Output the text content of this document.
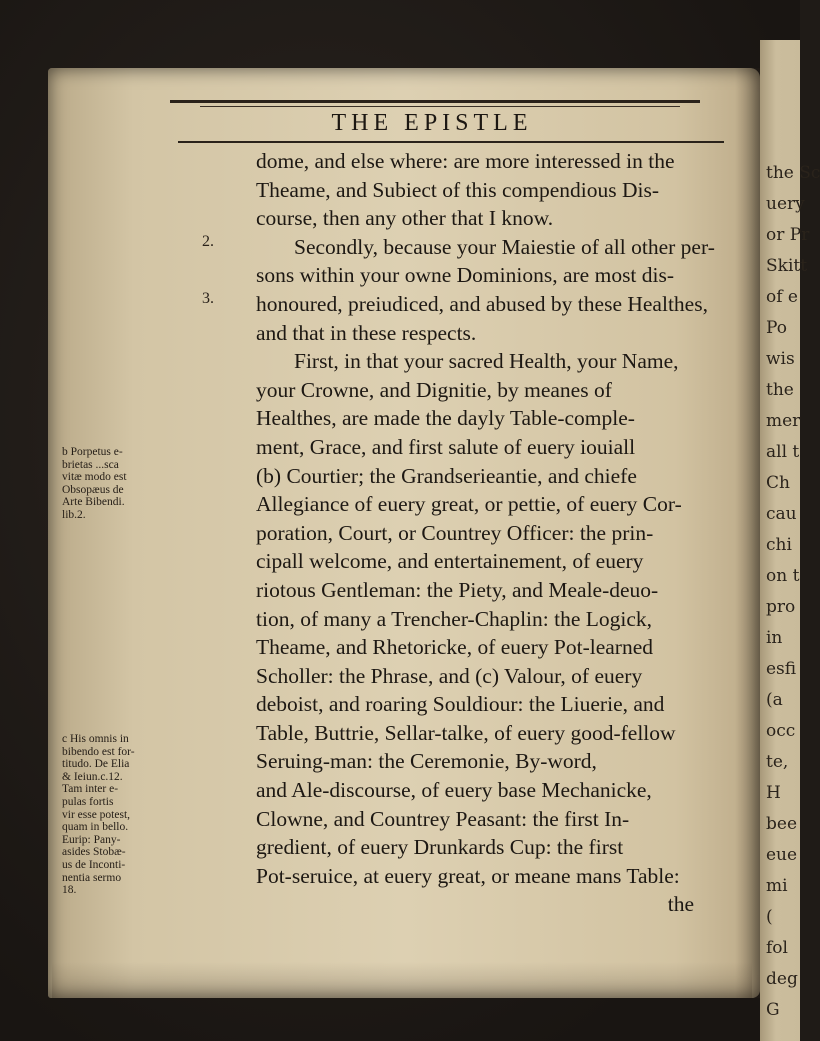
the Sc
uery
or Pr
Skitt
of e
Po
wis
the
mer
all t
Ch
cau
chi
on t
pro
in
esfi
(a
occ
te,
H
bee
eue
mi
(
fol
deg
G
THE EPISTLE
2.
3.
b Porpetus e-
brietas ...sca
vitæ modo est
Obsopæus de
Arte Bibendi.
lib.2.
c His omnis in
bibendo est for-
titudo. De Elia
& Ieiun.c.12.
Tam inter e-
pulas fortis
vir esse potest,
quam in bello.
Eurip: Pany-
asides Stobæ-
us de Inconti-
nentia sermo
18.
dome, and else where: are more interessed in the
Theame, and Subiect of this compendious Dis-
course, then any other that I know.
Secondly, because your Maiestie of all other per-
sons within your owne Dominions, are most dis-
honoured, preiudiced, and abused by these Healthes,
and that in these respects.
First, in that your sacred Health, your Name,
your Crowne, and Dignitie, by meanes of
Healthes, are made the dayly Table-comple-
ment, Grace, and first salute of euery iouiall
(b) Courtier; the Grandserieantie, and chiefe
Allegiance of euery great, or pettie, of euery Cor-
poration, Court, or Countrey Officer: the prin-
cipall welcome, and entertainement, of euery
riotous Gentleman: the Piety, and Meale-deuo-
tion, of many a Trencher-Chaplin: the Logick,
Theame, and Rhetoricke, of euery Pot-learned
Scholler: the Phrase, and (c) Valour, of euery
deboist, and roaring Souldiour: the Liuerie, and
Table, Buttrie, Sellar-talke, of euery good-fellow
Seruing-man: the Ceremonie, By-word,
and Ale-discourse, of euery base Mechanicke,
Clowne, and Countrey Peasant: the first In-
gredient, of euery Drunkards Cup: the first
Pot-seruice, at euery great, or meane mans Table:
the
